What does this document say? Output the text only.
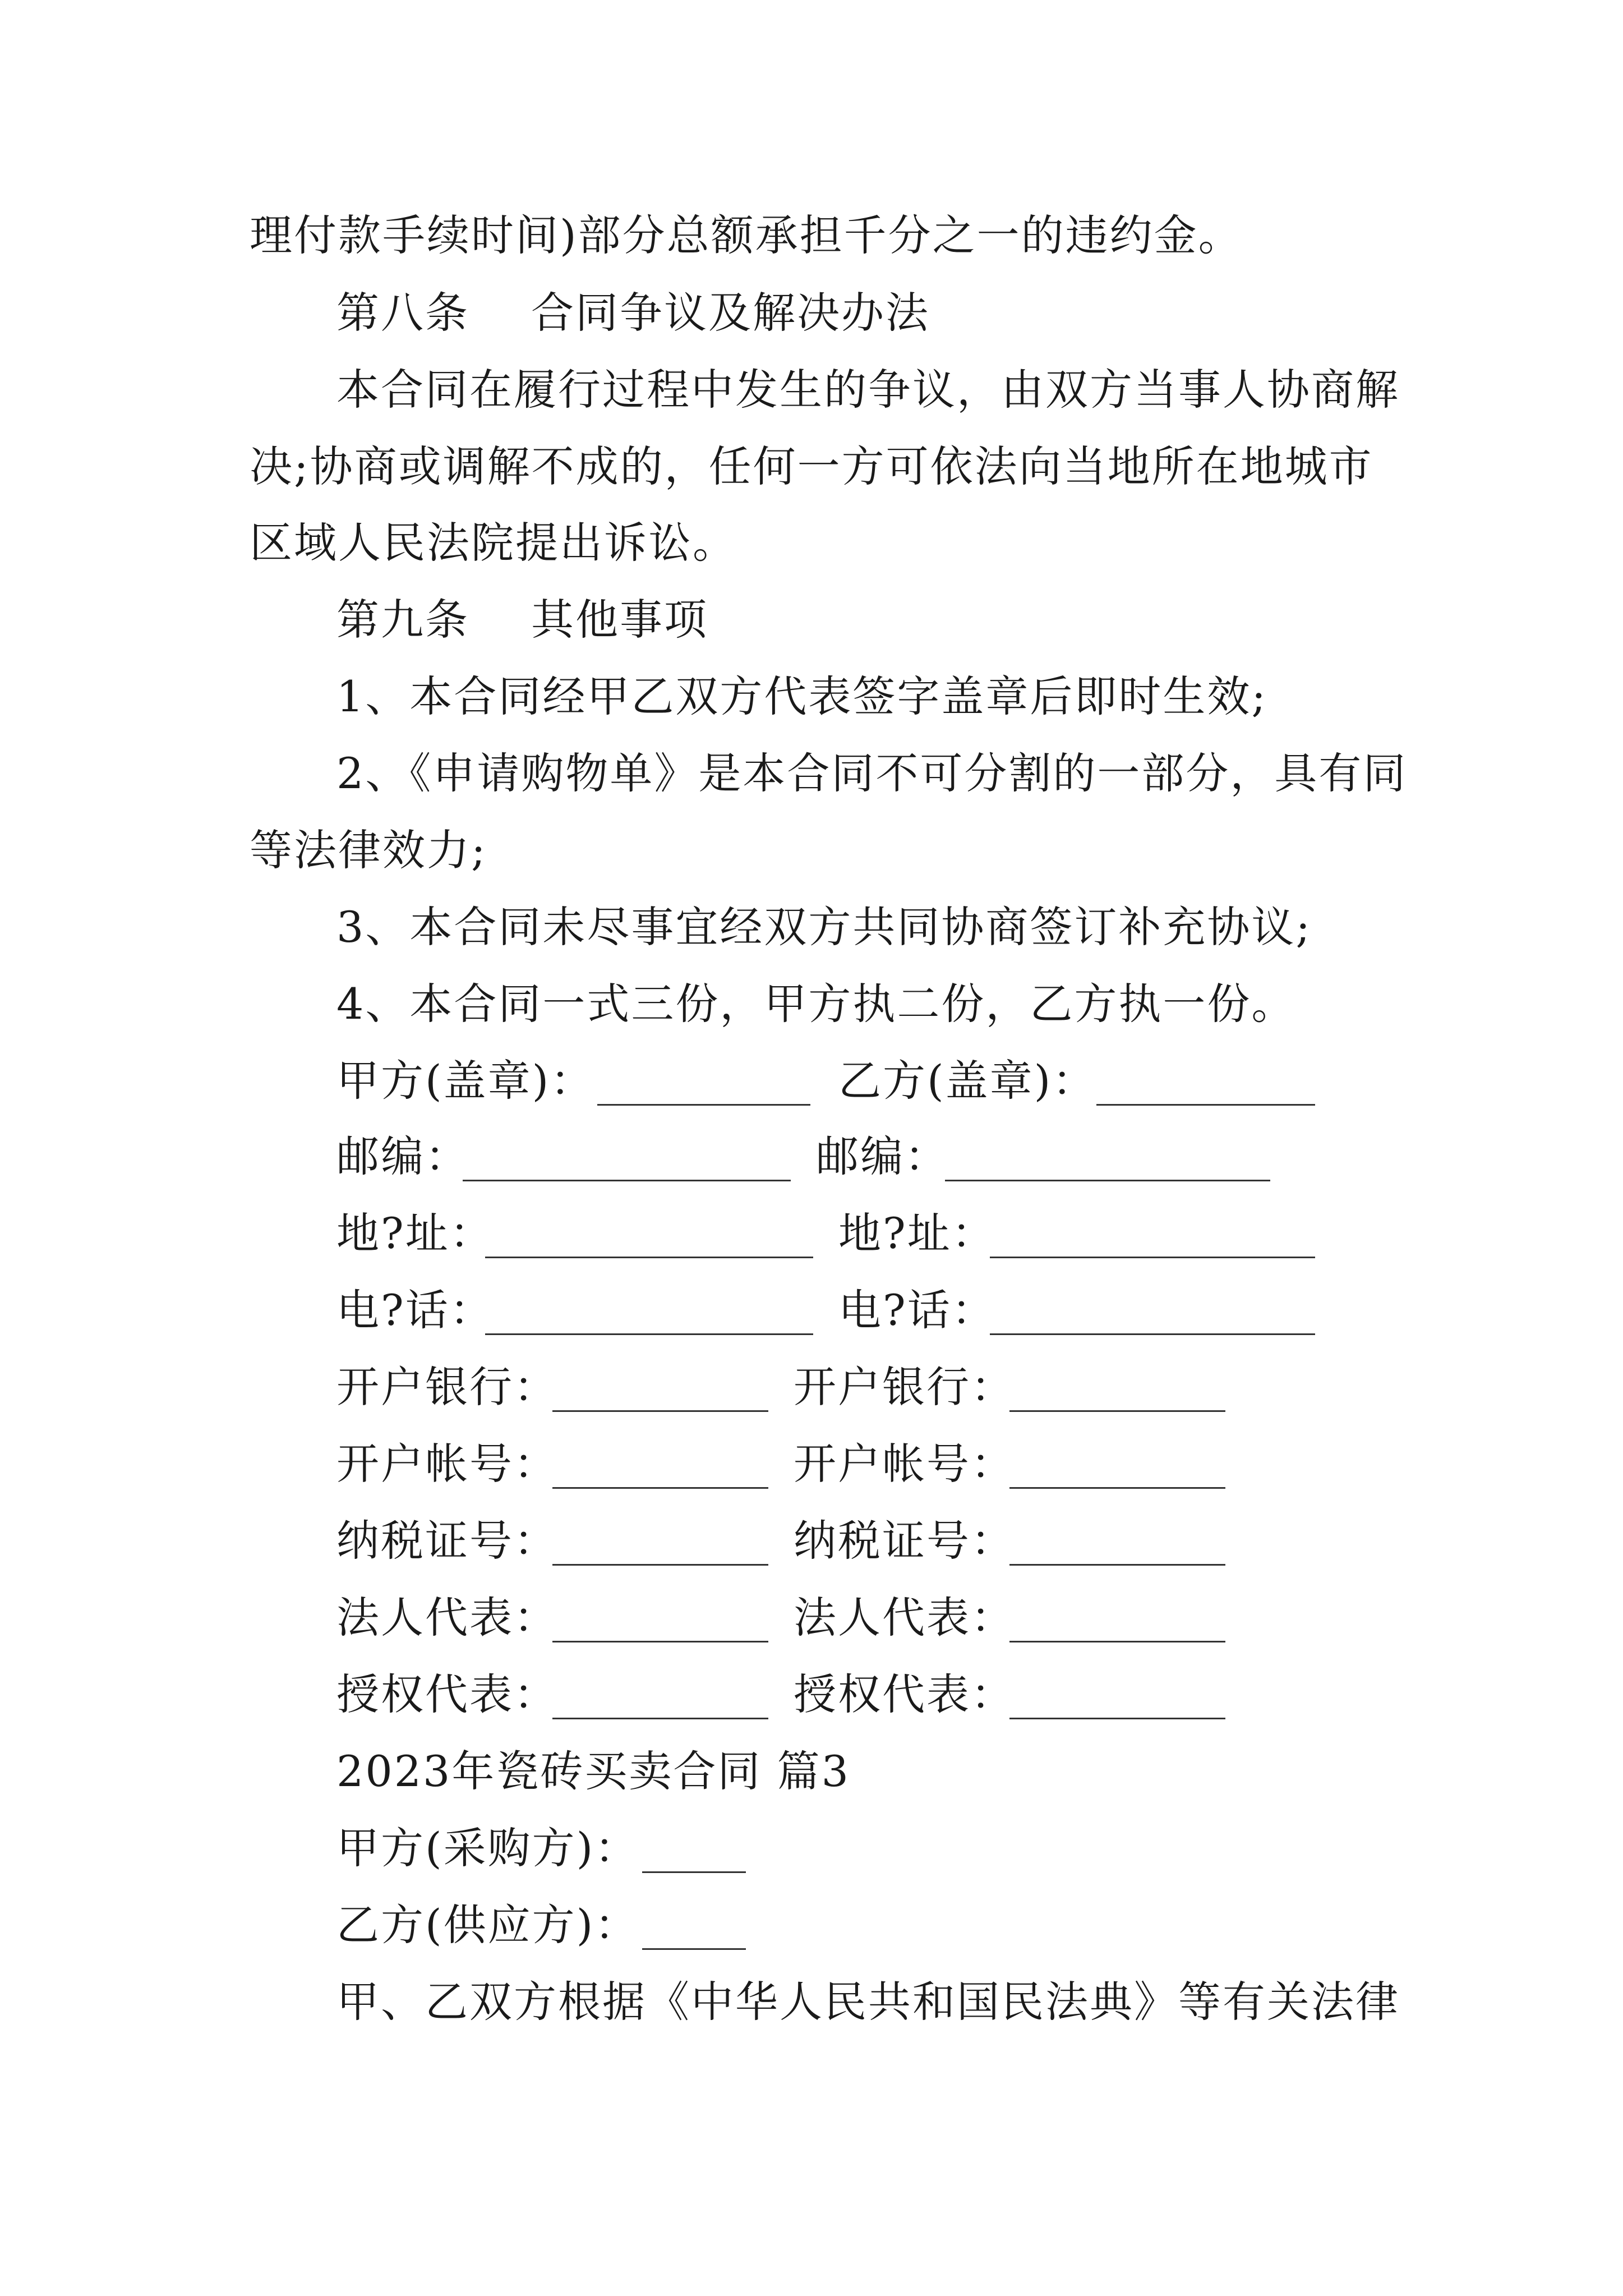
理付款手续时间)部分总额承担千分之一的违约金。
第八条 合同争议及解决办法
本合同在履行过程中发生的争议，由双方当事人协商解
决;协商或调解不成的，任何一方可依法向当地所在地城市
区域人民法院提出诉讼。
第九条 其他事项
1、本合同经甲乙双方代表签字盖章后即时生效;
2、《申请购物单》是本合同不可分割的一部分，具有同
等法律效力;
3、本合同未尽事宜经双方共同协商签订补充协议;
4、本合同一式三份，甲方执二份，乙方执一份。
甲方(盖章)：	乙方(盖章)：
邮编：	邮编：
地?址：	地?址：
电?话：	电?话：
开户银行：	开户银行：
开户帐号：	开户帐号：
纳税证号：	纳税证号：
法人代表：	法人代表：
授权代表：	授权代表：
2023年瓷砖买卖合同 篇3
甲方(采购方)：
乙方(供应方)：
甲、乙双方根据《中华人民共和国民法典》等有关法律
